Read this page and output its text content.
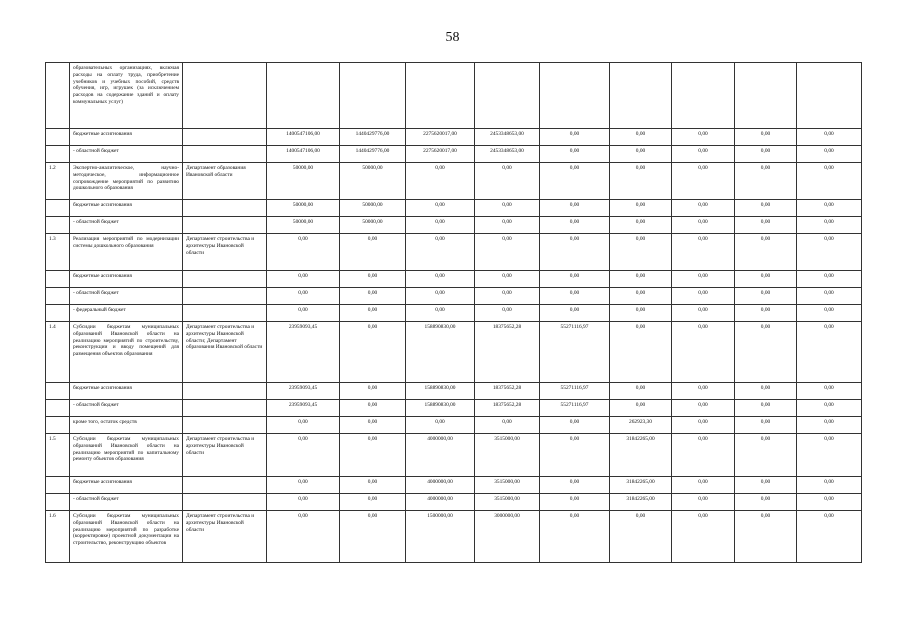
58
	образовательных организациях, включая расходы на оплату труда, приобретение учебников и учебных пособий, средств обучения, игр, игрушек (за исключением расходов на содержание зданий и оплату коммунальных услуг)										
	бюджетные ассигнования		1400547106,00	1440429776,00	2275620017,00	2453348653,00	0,00	0,00	0,00	0,00	0,00
	- областной бюджет		1400547106,00	1440429776,00	2275620017,00	2453348653,00	0,00	0,00	0,00	0,00	0,00
1.2	Экспертно-аналитическое, научно-методическое, информационное сопровождение мероприятий по развитию дошкольного образования	Департамент образования Ивановской области	50000,00	50000,00	0,00	0,00	0,00	0,00	0,00	0,00	0,00
	бюджетные ассигнования		50000,00	50000,00	0,00	0,00	0,00	0,00	0,00	0,00	0,00
	- областной бюджет		50000,00	50000,00	0,00	0,00	0,00	0,00	0,00	0,00	0,00
1.3	Реализация мероприятий по модернизации системы дошкольного образования	Департамент строительства и архитектуры Ивановской области	0,00	0,00	0,00	0,00	0,00	0,00	0,00	0,00	0,00
	бюджетные ассигнования		0,00	0,00	0,00	0,00	0,00	0,00	0,00	0,00	0,00
	- областной бюджет		0,00	0,00	0,00	0,00	0,00	0,00	0,00	0,00	0,00
	- федеральный бюджет		0,00	0,00	0,00	0,00	0,00	0,00	0,00	0,00	0,00
1.4	Субсидии бюджетам муниципальных образований Ивановской области на реализацию мероприятий по строительству, реконструкции и вводу помещений для размещения объектов образования	Департамент строительства и архитектуры Ивановской области; Департамент образования Ивановской области	23959093,45	0,00	158890830,00	18375652,28	55271116,97	0,00	0,00	0,00	0,00
	бюджетные ассигнования		23959093,45	0,00	158890830,00	18375652,28	55271116,97	0,00	0,00	0,00	0,00
	- областной бюджет		23959093,45	0,00	158890830,00	18375652,28	55271116,97	0,00	0,00	0,00	0,00
	кроме того, остаток средств		0,00	0,00	0,00	0,00	0,00	262923,30	0,00	0,00	0,00
1.5	Субсидии бюджетам муниципальных образований Ивановской области на реализацию мероприятий по капитальному ремонту объектов образования	Департамент строительства и архитектуры Ивановской области	0,00	0,00	4000000,00	3515000,00	0,00	31842265,00	0,00	0,00	0,00
	бюджетные ассигнования		0,00	0,00	4000000,00	3515000,00	0,00	31842265,00	0,00	0,00	0,00
	- областной бюджет		0,00	0,00	4000000,00	3515000,00	0,00	31842265,00	0,00	0,00	0,00
1.6	Субсидии бюджетам муниципальных образований Ивановской области на реализацию мероприятий по разработке (корректировке) проектной документации на строительство, реконструкцию объектов	Департамент строительства и архитектуры Ивановской области	0,00	0,00	1500000,00	3000000,00	0,00	0,00	0,00	0,00	0,00
